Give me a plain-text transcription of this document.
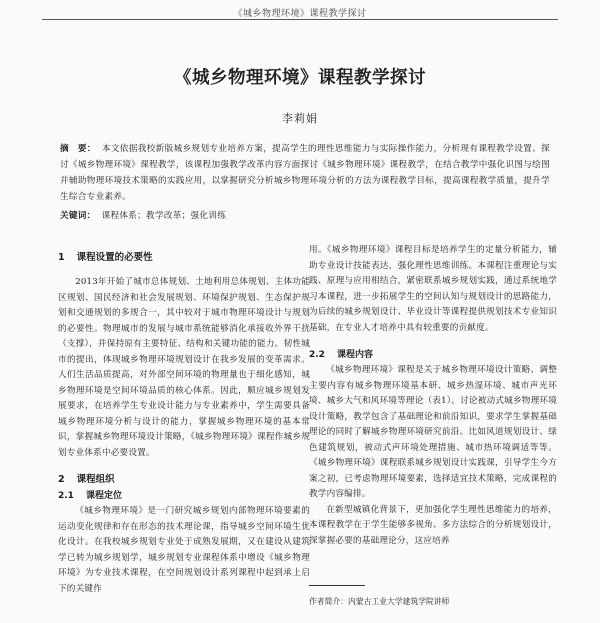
《城乡物理环境》课程教学探讨
《城乡物理环境》课程教学探讨
李莉娟
摘　要： 本文依据我校新版城乡规划专业培养方案，提高学生的理性思维能力与实际操作能力，分析现有课程教学设置、探讨《城乡物理环境》课程教学，该课程加强教学改革内容方面探讨《城乡物理环境》课程教学，在结合教学中强化识图与绘图并辅助物理环境技术策略的实践应用，以掌握研究分析城乡物理环境分析的方法为课程教学目标，提高课程教学质量，提升学生综合专业素养。
关键词： 课程体系；教学改革；强化训练
1 课程设置的必要性

2013年开始了城市总体规划、土地利用总体规划、主体功能区规划、国民经济和社会发展规划、环境保护规划、生态保护规划和交通规划的多规合一，其中较对于城市物理环境设计与规划的必要性。物理城市的发展与城市系统能够消化承接收外界干扰（支撑），并保持原有主要特征、结构和关键功能的能力。韧性城市的提出，体现城乡物理环境规划设计在我乡发展的变革需求。人们生活品质提高，对外部空间环境的物理量也于细化感知，城乡物理环境是空间环境品质的核心体系。因此，顺应城乡规划发展要求，在培养学生专业设计能力与专业素养中，学生需要具备城乡物理环境分析与设计的能力，掌握城乡物理环境的基本常识，掌握城乡物理环境设计策略，《城乡物理环境》课程作城乡规划专业体系中必要设置。

2 课程组织
2.1 课程定位

《城乡物理环境》是一门研究城乡规划内部物理环境要素的运动变化规律和存在形态的技术理论课，指导城乡空间环境生优化设计。在我校城乡规划专业处于成熟发展期，又在建设从建筑学已转为城乡规划学，城乡规划专业课程体系中增设《城乡物理环境》为专业技术课程，在空间规划设计系列课程中起到承上启下的关键作

用。《城乡物理环境》课程目标是培养学生的定量分析能力，辅助专业设计技能表达，强化理性思维训练。本课程注重理论与实践、原理与应用相结合，紧密联系城乡规划实践，通过系统地学习本课程，进一步拓展学生的空间认知与规划设计的思路能力，为后续的城乡规划设计、毕业设计等课程提供规划技术专业知识基础，在专业人才培养中具有较重要的贡献度。

2.2 课程内容

《城乡物理环境》课程是关于城乡物理环境设计策略、调整主要内容有城乡物理环境基本研、城乡热湿环境、城市声光环境、城乡大气和风环境等理论（表1）。讨论被动式城乡物理环境设计策略，教学包含了基础理论和前沿知识，要求学生掌握基础理论的同时了解城乡物理环境研究前沿。比如风道规划设计、绿色建筑规划，被动式声环境处理措施、城市热环境调适等等。《城乡物理环境》课程联系城乡规划设计实践课，引导学生今方案之初，已考虑物理环境要素，选择适宜技术策略，完成课程的教学内容编排。

在新型城镇化背景下，更加强化学生理性思维能力的培养，本课程教学在于学生能够多视角、多方法综合的分析规划设计，探掌握必要的基础理论分，这应培养

作者简介：内蒙古工业大学建筑学院讲师
